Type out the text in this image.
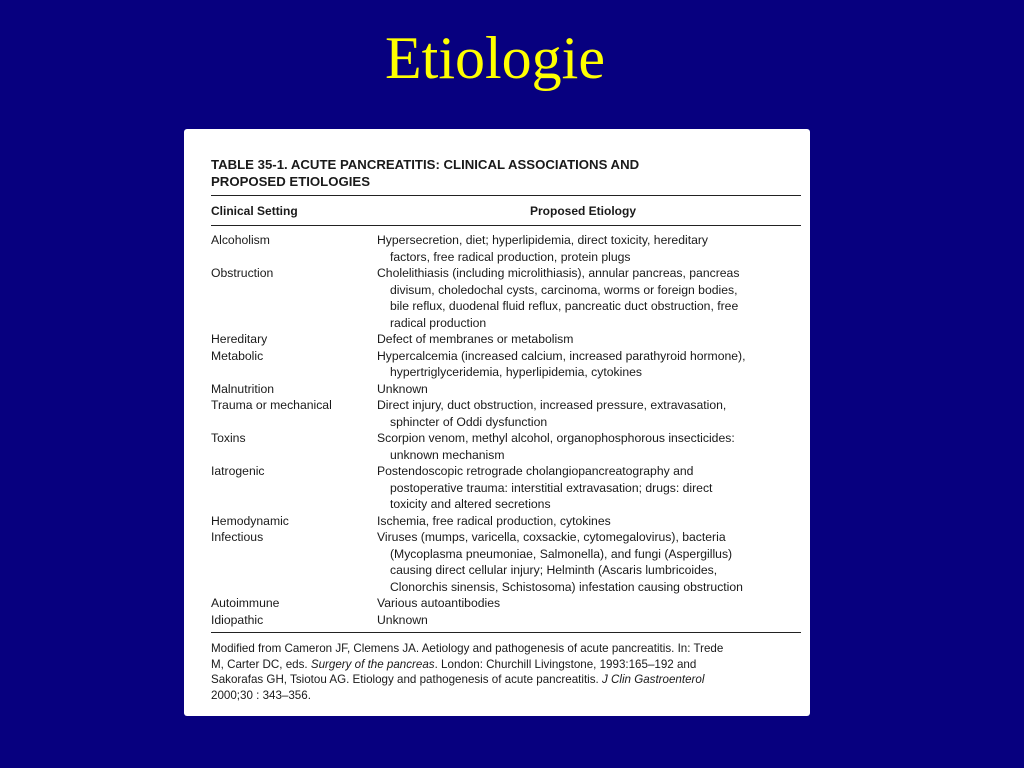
Etiologie
TABLE 35-1. ACUTE PANCREATITIS: CLINICAL ASSOCIATIONS AND
PROPOSED ETIOLOGIES
Clinical Setting	Proposed Etiology
Alcoholism	Hypersecretion, diet; hyperlipidemia, direct toxicity, hereditary
factors, free radical production, protein plugs
Obstruction	Cholelithiasis (including microlithiasis), annular pancreas, pancreas
divisum, choledochal cysts, carcinoma, worms or foreign bodies,
bile reflux, duodenal fluid reflux, pancreatic duct obstruction, free
radical production
Hereditary	Defect of membranes or metabolism
Metabolic	Hypercalcemia (increased calcium, increased parathyroid hormone),
hypertriglyceridemia, hyperlipidemia, cytokines
Malnutrition	Unknown
Trauma or mechanical	Direct injury, duct obstruction, increased pressure, extravasation,
sphincter of Oddi dysfunction
Toxins	Scorpion venom, methyl alcohol, organophosphorous insecticides:
unknown mechanism
Iatrogenic	Postendoscopic retrograde cholangiopancreatography and
postoperative trauma: interstitial extravasation; drugs: direct
toxicity and altered secretions
Hemodynamic	Ischemia, free radical production, cytokines
Infectious	Viruses (mumps, varicella, coxsackie, cytomegalovirus), bacteria
(Mycoplasma pneumoniae, Salmonella), and fungi (Aspergillus)
causing direct cellular injury; Helminth (Ascaris lumbricoides,
Clonorchis sinensis, Schistosoma) infestation causing obstruction
Autoimmune	Various autoantibodies
Idiopathic	Unknown
Modified from Cameron JF, Clemens JA. Aetiology and pathogenesis of acute pancreatitis. In: Trede
M, Carter DC, eds. Surgery of the pancreas. London: Churchill Livingstone, 1993:165–192 and
Sakorafas GH, Tsiotou AG. Etiology and pathogenesis of acute pancreatitis. J Clin Gastroenterol
2000;30 : 343–356.
